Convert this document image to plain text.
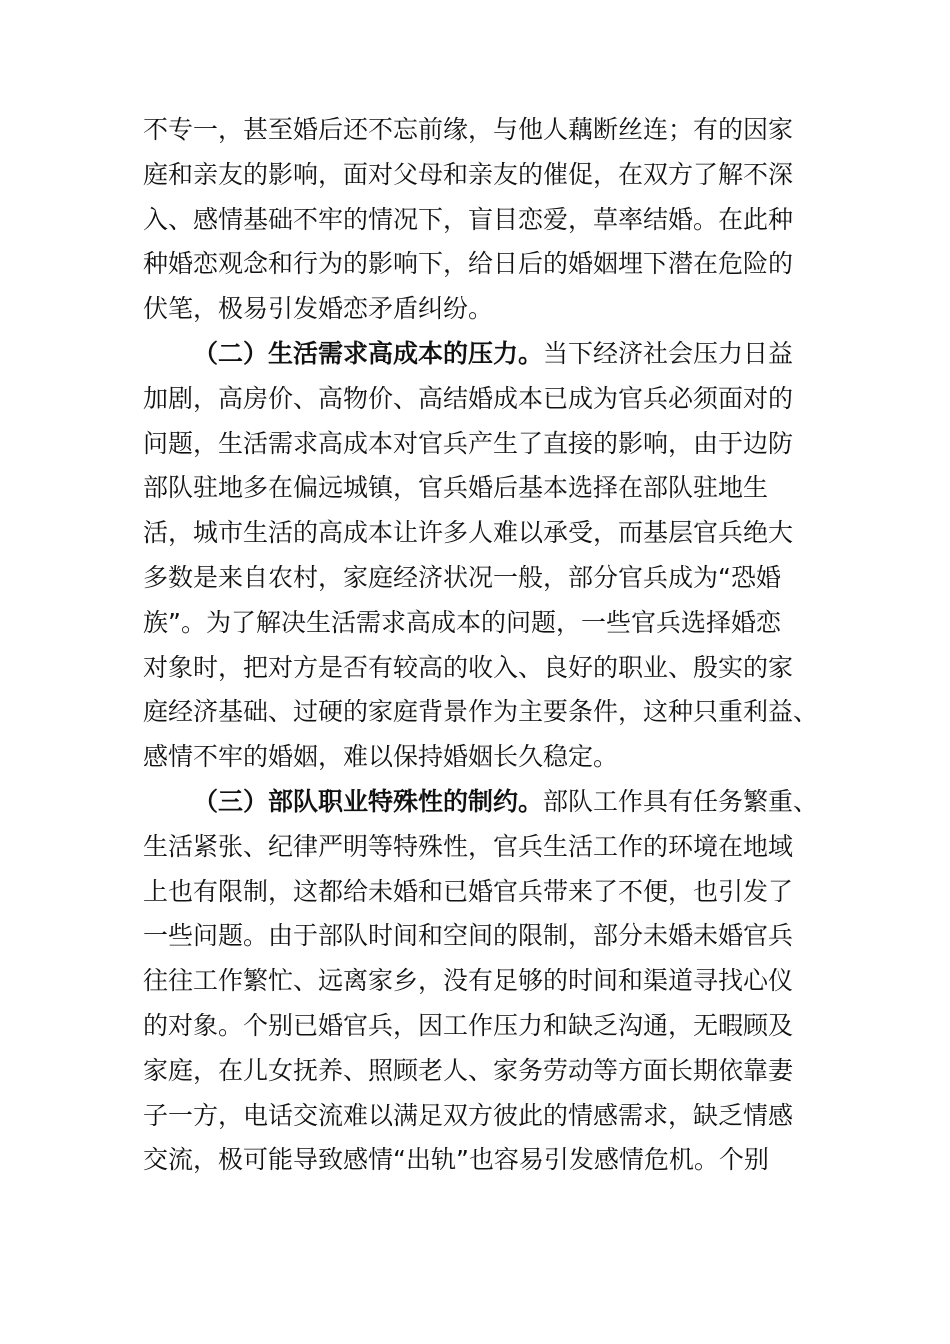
不专一，甚至婚后还不忘前缘，与他人藕断丝连；有的因家
庭和亲友的影响，面对父母和亲友的催促，在双方了解不深
入、感情基础不牢的情况下，盲目恋爱，草率结婚。在此种
种婚恋观念和行为的影响下，给日后的婚姻埋下潜在危险的
伏笔，极易引发婚恋矛盾纠纷。
（二）生活需求高成本的压力。当下经济社会压力日益
加剧，高房价、高物价、高结婚成本已成为官兵必须面对的
问题，生活需求高成本对官兵产生了直接的影响，由于边防
部队驻地多在偏远城镇，官兵婚后基本选择在部队驻地生
活，城市生活的高成本让许多人难以承受，而基层官兵绝大
多数是来自农村，家庭经济状况一般，部分官兵成为“恐婚
族”。为了解决生活需求高成本的问题，一些官兵选择婚恋
对象时，把对方是否有较高的收入、良好的职业、殷实的家
庭经济基础、过硬的家庭背景作为主要条件，这种只重利益、
感情不牢的婚姻，难以保持婚姻长久稳定。
（三）部队职业特殊性的制约。部队工作具有任务繁重、
生活紧张、纪律严明等特殊性，官兵生活工作的环境在地域
上也有限制，这都给未婚和已婚官兵带来了不便，也引发了
一些问题。由于部队时间和空间的限制，部分未婚未婚官兵
往往工作繁忙、远离家乡，没有足够的时间和渠道寻找心仪
的对象。个别已婚官兵，因工作压力和缺乏沟通，无暇顾及
家庭，在儿女抚养、照顾老人、家务劳动等方面长期依靠妻
子一方，电话交流难以满足双方彼此的情感需求，缺乏情感
交流，极可能导致感情“出轨”也容易引发感情危机。个别
